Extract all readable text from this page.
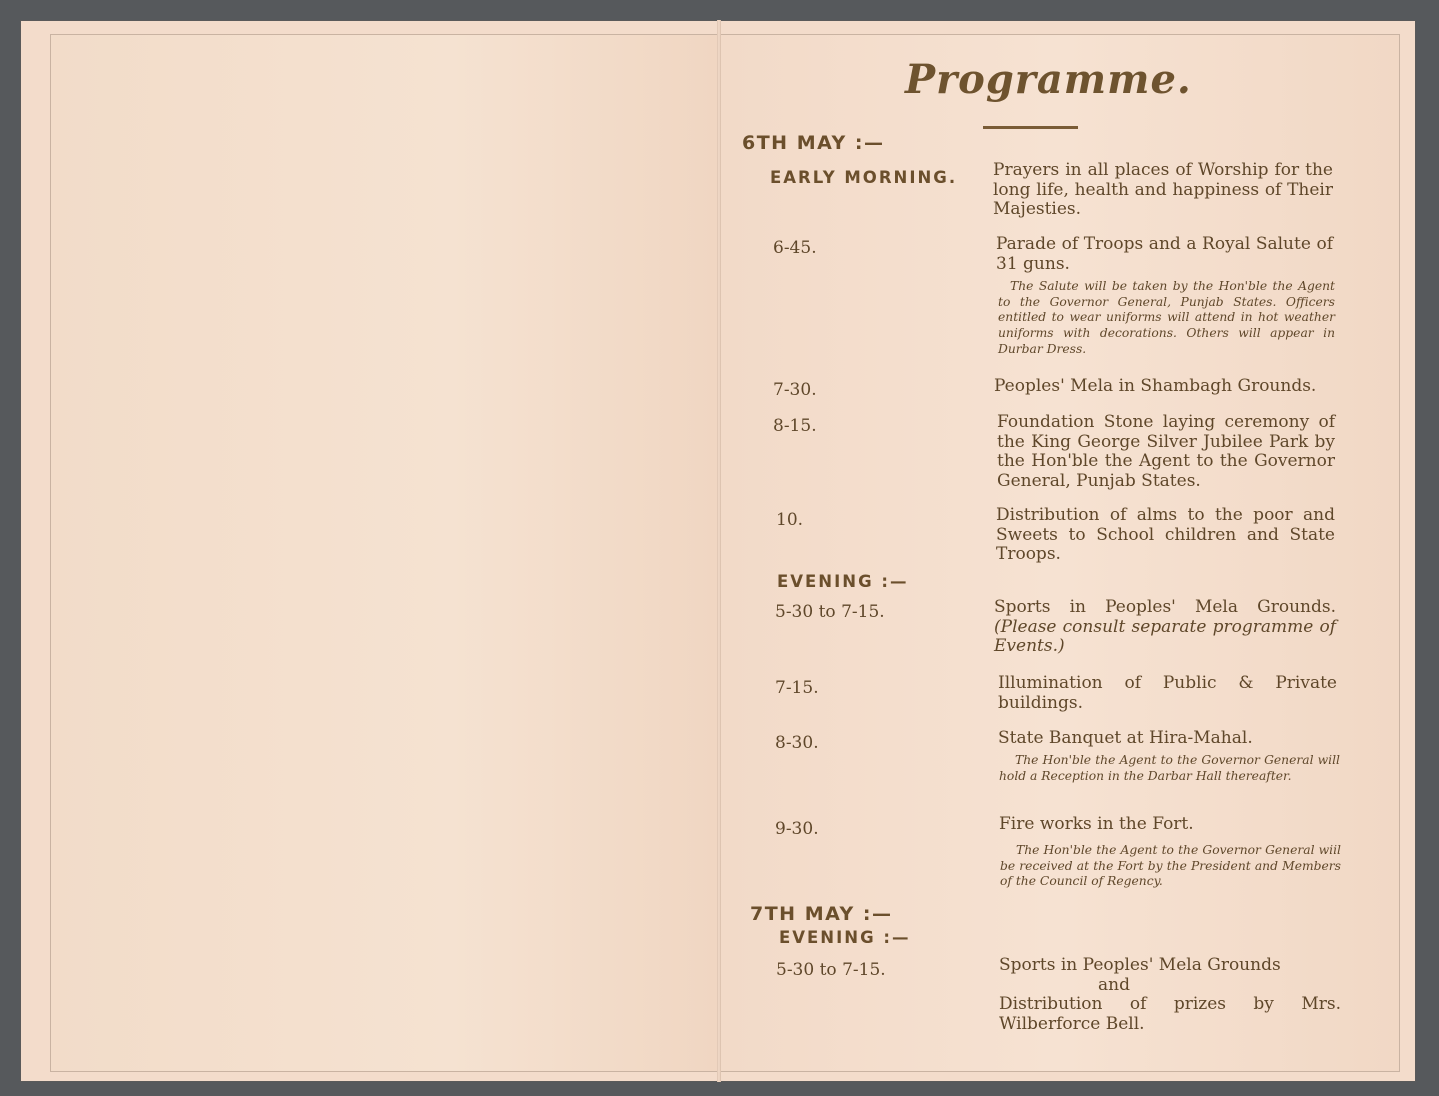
Programme.
6TH MAY :—
EARLY MORNING. Prayers in all places of Worship for the long life, health and happiness of Their Majesties.
6-45.	Parade of Troops and a Royal Salute of 31 guns.
The Salute will be taken by the Hon'ble the Agent to the Governor General, Punjab States. Officers entitled to wear uniforms will attend in hot weather uniforms with decorations. Others will appear in Durbar Dress.
7-30.	Peoples' Mela in Shambagh Grounds.
8-15.	Foundation Stone laying ceremony of the King George Silver Jubilee Park by the Hon'ble the Agent to the Governor General, Punjab States.
10.	Distribution of alms to the poor and Sweets to School children and State Troops.
EVENING :—
5-30 to 7-15.	Sports in Peoples' Mela Grounds. (Please consult separate programme of Events.)
7-15.	Illumination of Public & Private buildings.
8-30.	State Banquet at Hira-Mahal.
The Hon'ble the Agent to the Governor General will hold a Reception in the Darbar Hall thereafter.
9-30.	Fire works in the Fort.
The Hon'ble the Agent to the Governor General wiil be received at the Fort by the President and Members of the Council of Regency.
7TH MAY :—
EVENING :—
5-30 to 7-15.	Sports in Peoples' Mela Grounds
and
Distribution of prizes by Mrs. Wilberforce Bell.
